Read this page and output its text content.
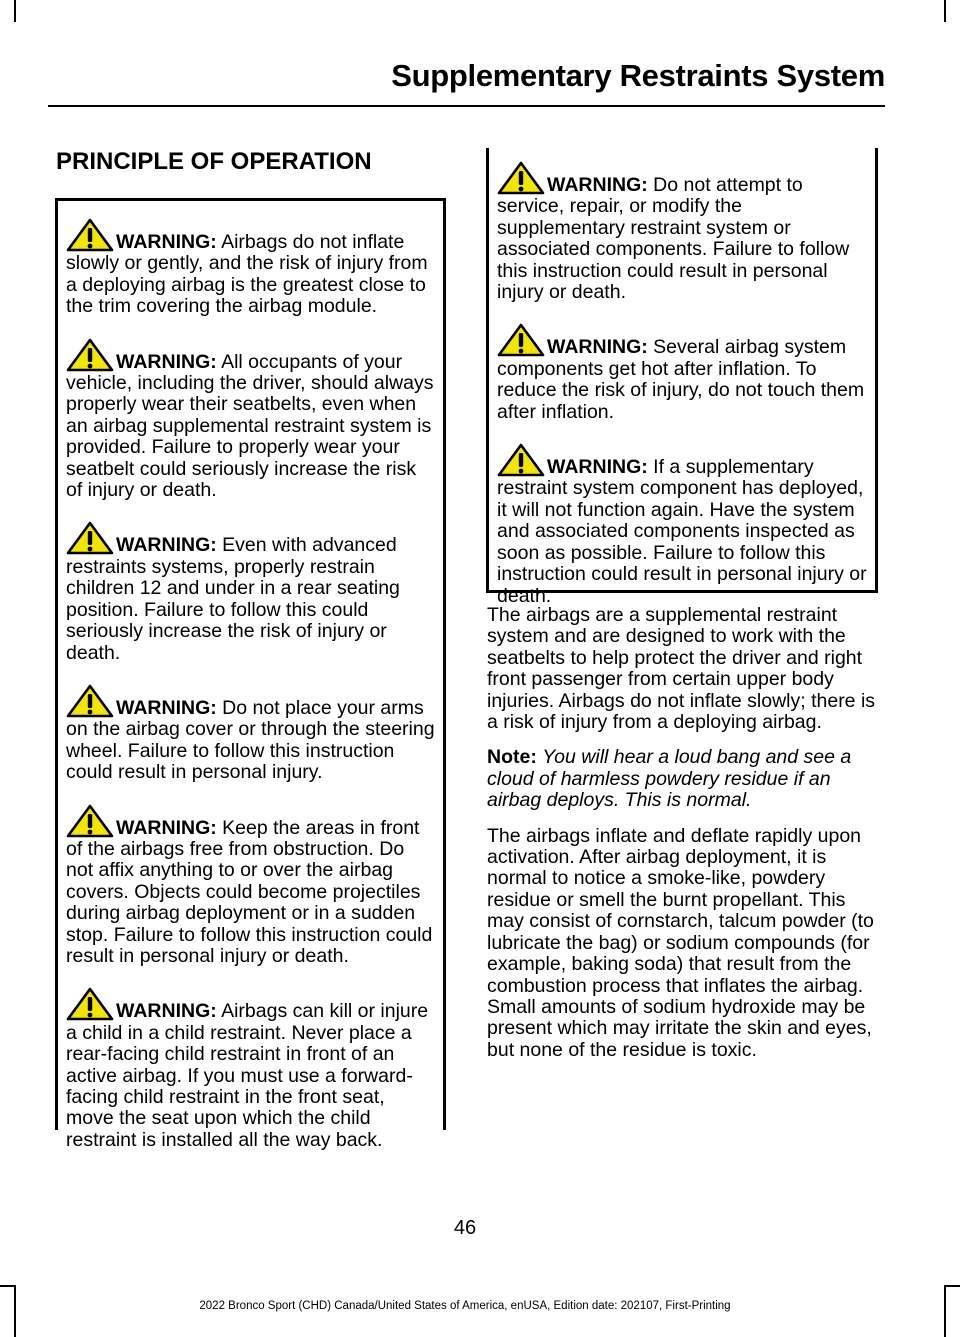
Supplementary Restraints System
PRINCIPLE OF OPERATION

WARNING: Airbags do not inflate slowly or gently, and the risk of injury from a deploying airbag is the greatest close to the trim covering the airbag module.

WARNING: All occupants of your vehicle, including the driver, should always properly wear their seatbelts, even when an airbag supplemental restraint system is provided. Failure to properly wear your seatbelt could seriously increase the risk of injury or death.

WARNING: Even with advanced restraints systems, properly restrain children 12 and under in a rear seating position. Failure to follow this could seriously increase the risk of injury or death.

WARNING: Do not place your arms on the airbag cover or through the steering wheel. Failure to follow this instruction could result in personal injury.

WARNING: Keep the areas in front of the airbags free from obstruction. Do not affix anything to or over the airbag covers. Objects could become projectiles during airbag deployment or in a sudden stop. Failure to follow this instruction could result in personal injury or death.

WARNING: Airbags can kill or injure a child in a child restraint. Never place a rear-facing child restraint in front of an active airbag. If you must use a forward-facing child restraint in the front seat, move the seat upon which the child restraint is installed all the way back.

WARNING: Do not attempt to service, repair, or modify the supplementary restraint system or associated components. Failure to follow this instruction could result in personal injury or death.

WARNING: Several airbag system components get hot after inflation. To reduce the risk of injury, do not touch them after inflation.

WARNING: If a supplementary restraint system component has deployed, it will not function again. Have the system and associated components inspected as soon as possible. Failure to follow this instruction could result in personal injury or death.

The airbags are a supplemental restraint system and are designed to work with the seatbelts to help protect the driver and right front passenger from certain upper body injuries. Airbags do not inflate slowly; there is a risk of injury from a deploying airbag.

Note: You will hear a loud bang and see a cloud of harmless powdery residue if an airbag deploys. This is normal.

The airbags inflate and deflate rapidly upon activation. After airbag deployment, it is normal to notice a smoke-like, powdery residue or smell the burnt propellant. This may consist of cornstarch, talcum powder (to lubricate the bag) or sodium compounds (for example, baking soda) that result from the combustion process that inflates the airbag. Small amounts of sodium hydroxide may be present which may irritate the skin and eyes, but none of the residue is toxic.

46
2022 Bronco Sport (CHD) Canada/United States of America, enUSA, Edition date: 202107, First-Printing
